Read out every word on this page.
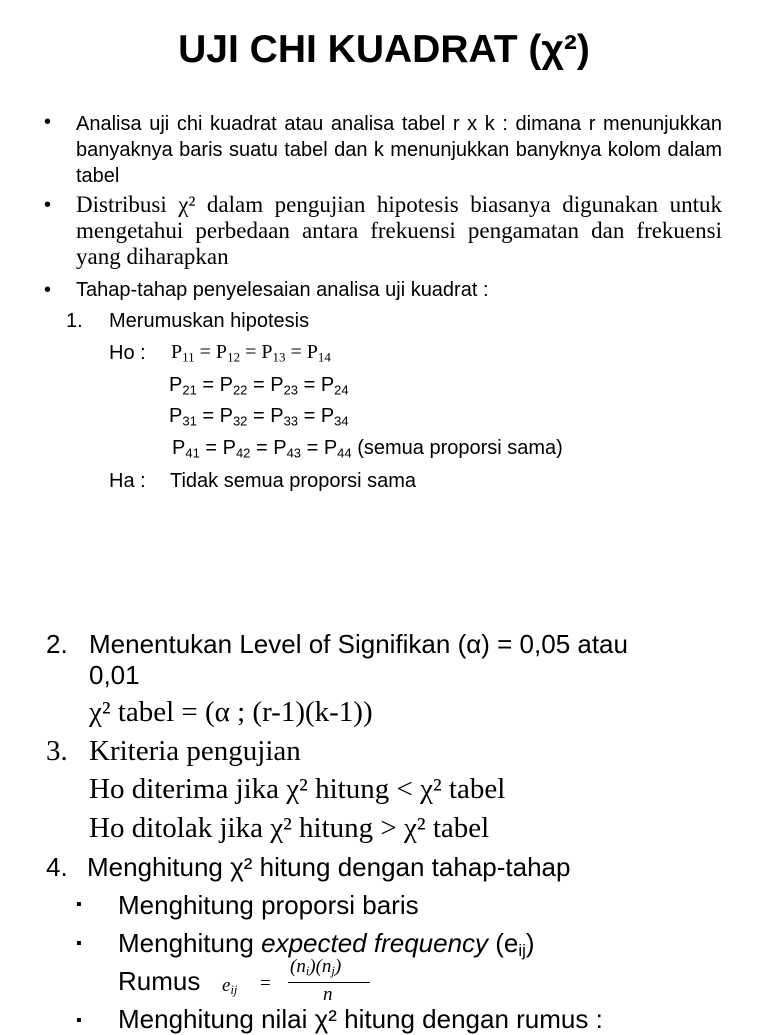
UJI CHI KUADRAT (χ²)
• Analisa uji chi kuadrat atau analisa tabel r x k : dimana r menunjukkan banyaknya baris suatu tabel dan k menunjukkan banyknya kolom dalam tabel
• Distribusi χ² dalam pengujian hipotesis biasanya digunakan untuk mengetahui perbedaan antara frekuensi pengamatan dan frekuensi yang diharapkan
• Tahap-tahap penyelesaian analisa uji kuadrat :
1. Merumuskan hipotesis
Ho : $P_{11} = P_{12} = P_{13} = P_{14}$
$P_{21} = P_{22} = P_{23} = P_{24}$
$P_{31} = P_{32} = P_{33} = P_{34}$
$P_{41} = P_{42} = P_{43} = P_{44}$ (semua proporsi sama)
Ha : Tidak semua proporsi sama
2. Menentukan Level of Signifikan (α) = 0,05 atau
0,01
χ² tabel = (α ; (r-1)(k-1))
3. Kriteria pengujian
Ho diterima jika χ² hitung < χ² tabel
Ho ditolak jika χ² hitung > χ² tabel
4. Menghitung χ² hitung dengan tahap-tahap
▪ Menghitung proporsi baris
▪ Menghitung expected frequency $(e_{ij})$
Rumus $e_{ij}$ =
$(n_i)(n_j)$
n
▪ Menghitung nilai χ² hitung dengan rumus :
